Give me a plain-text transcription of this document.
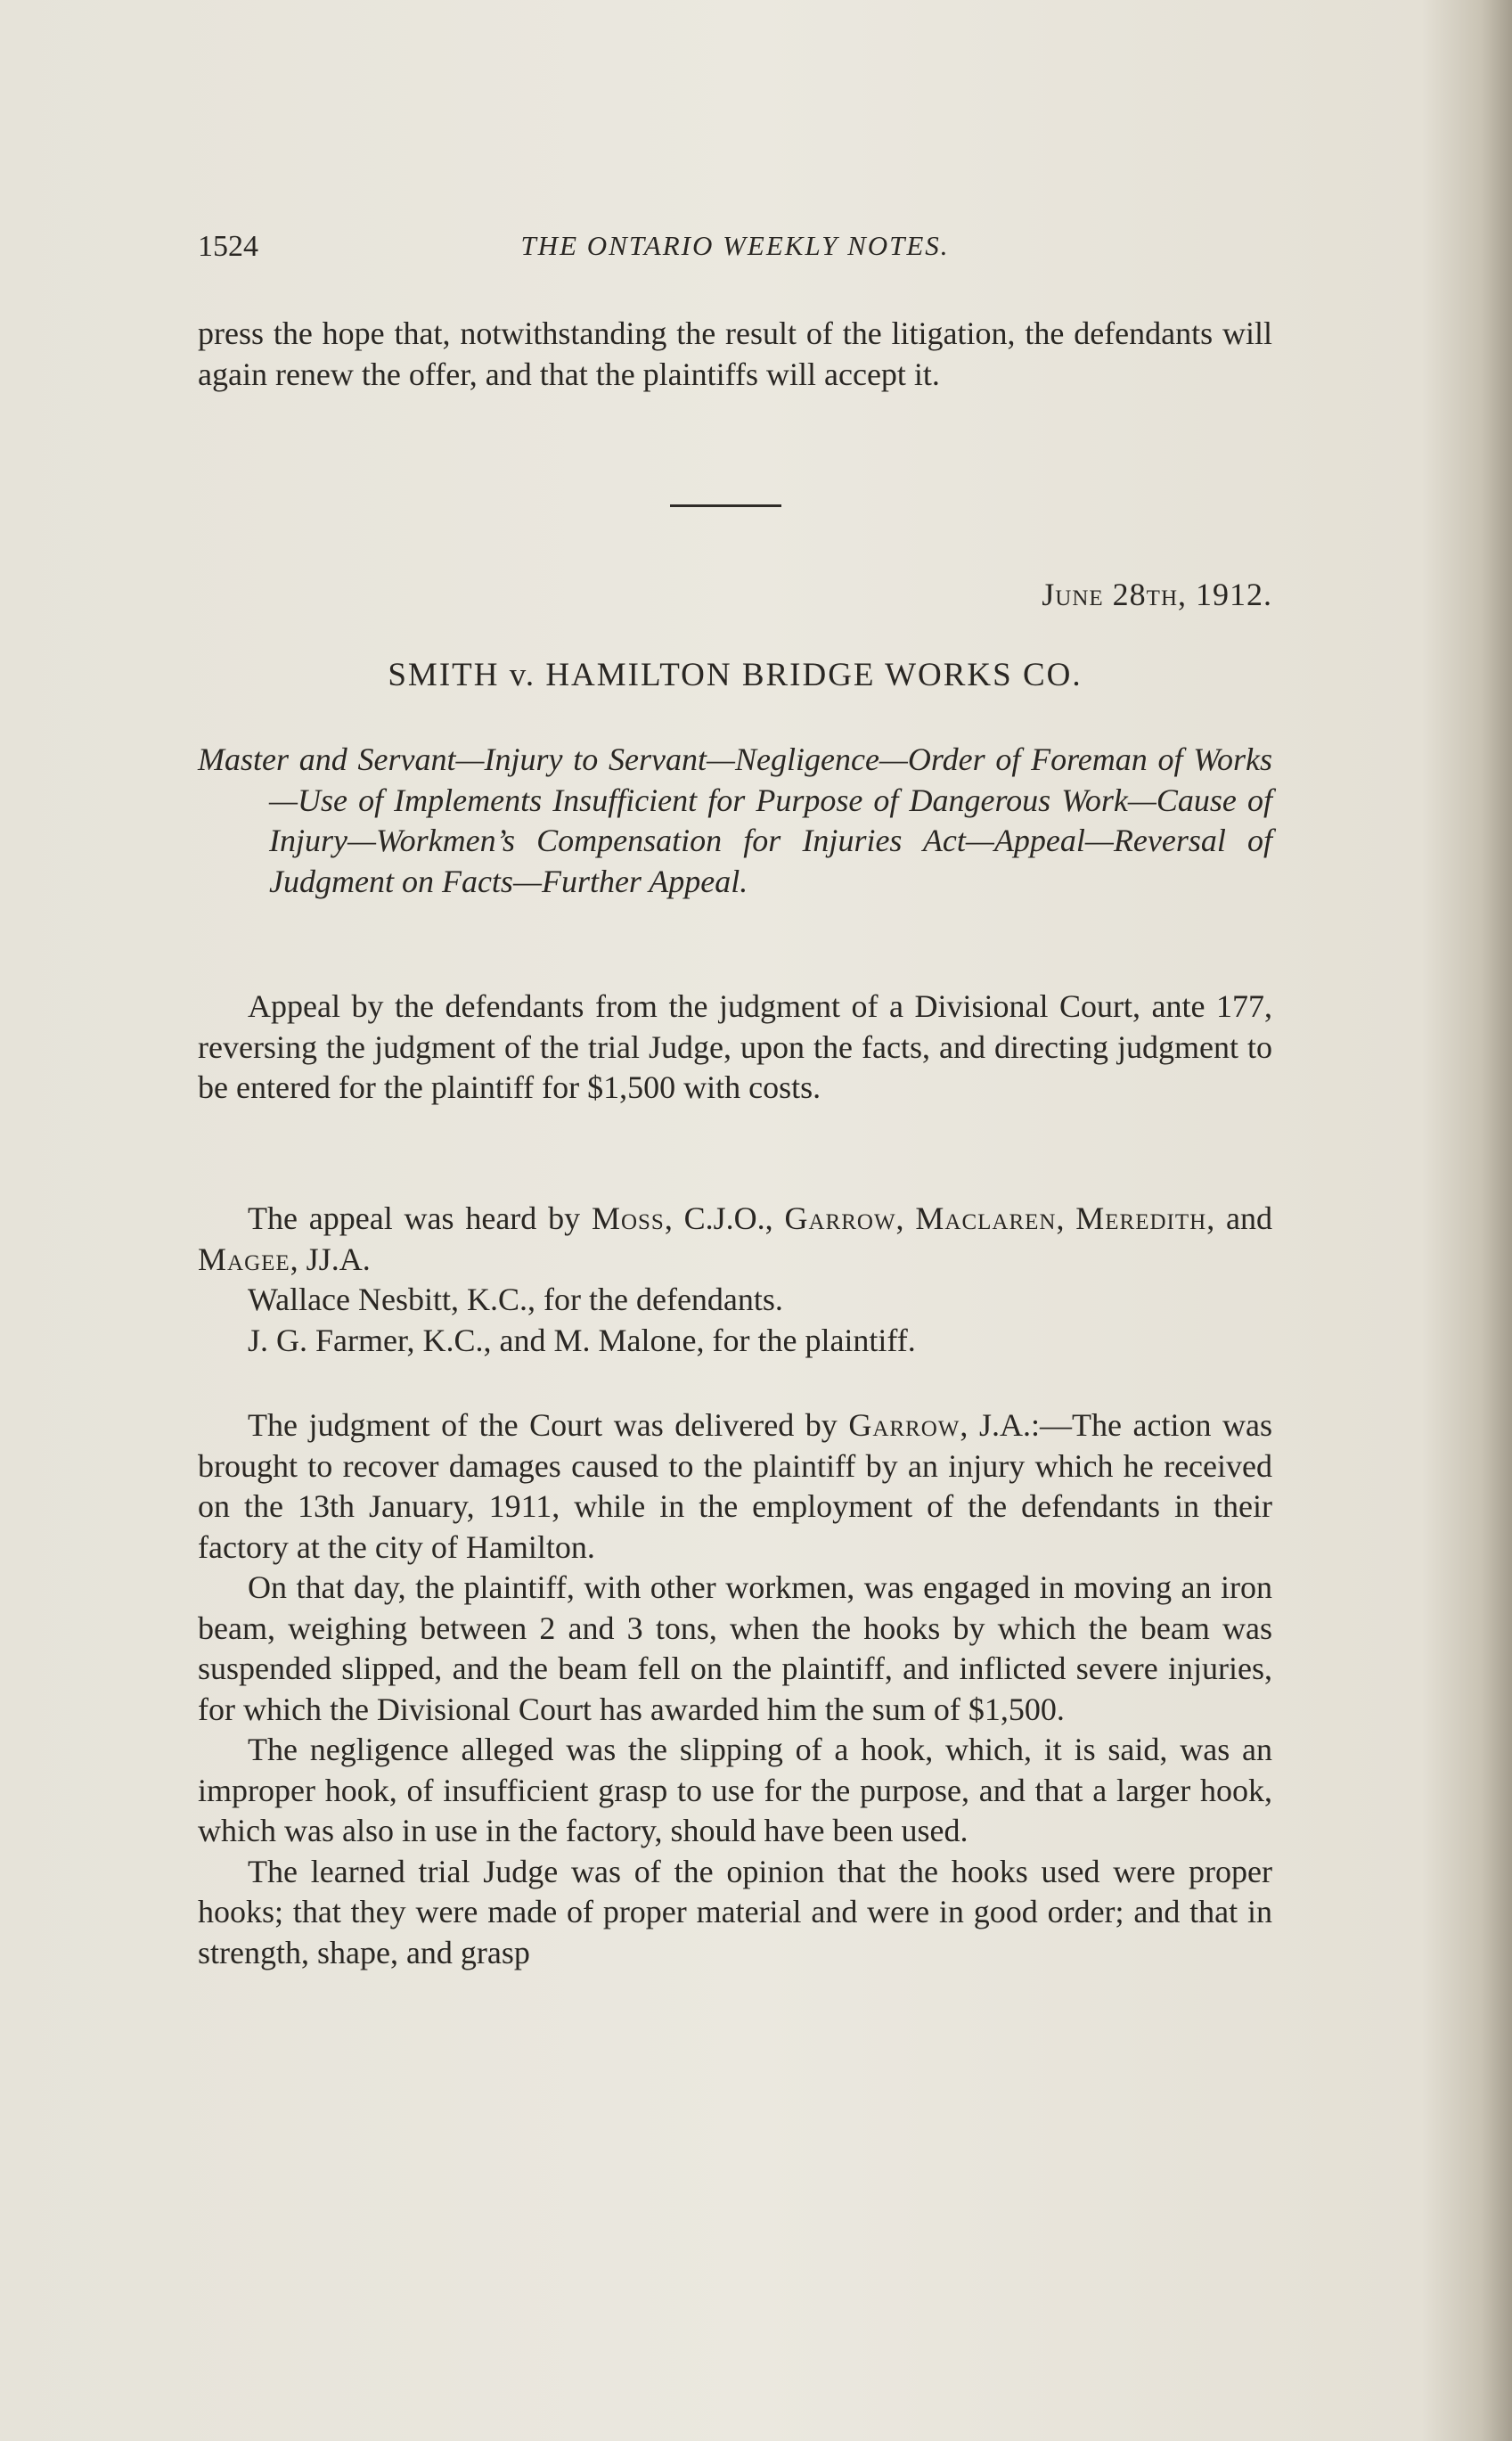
1524	THE ONTARIO WEEKLY NOTES.

press the hope that, notwithstanding the result of the litigation, the defendants will again renew the offer, and that the plaintiffs will accept it.

June 28th, 1912.

SMITH v. HAMILTON BRIDGE WORKS CO.

Master and Servant—Injury to Servant—Negligence—Order of Foreman of Works—Use of Implements Insufficient for Purpose of Dangerous Work—Cause of Injury—Workmen’s Compensation for Injuries Act—Appeal—Reversal of Judgment on Facts—Further Appeal.

Appeal by the defendants from the judgment of a Divisional Court, ante 177, reversing the judgment of the trial Judge, upon the facts, and directing judgment to be entered for the plaintiff for $1,500 with costs.

The appeal was heard by Moss, C.J.O., Garrow, Maclaren, Meredith, and Magee, JJ.A.

Wallace Nesbitt, K.C., for the defendants.

J. G. Farmer, K.C., and M. Malone, for the plaintiff.

The judgment of the Court was delivered by Garrow, J.A.:—The action was brought to recover damages caused to the plaintiff by an injury which he received on the 13th January, 1911, while in the employment of the defendants in their factory at the city of Hamilton.

On that day, the plaintiff, with other workmen, was engaged in moving an iron beam, weighing between 2 and 3 tons, when the hooks by which the beam was suspended slipped, and the beam fell on the plaintiff, and inflicted severe injuries, for which the Divisional Court has awarded him the sum of $1,500.

The negligence alleged was the slipping of a hook, which, it is said, was an improper hook, of insufficient grasp to use for the purpose, and that a larger hook, which was also in use in the factory, should have been used.

The learned trial Judge was of the opinion that the hooks used were proper hooks; that they were made of proper material and were in good order; and that in strength, shape, and grasp
